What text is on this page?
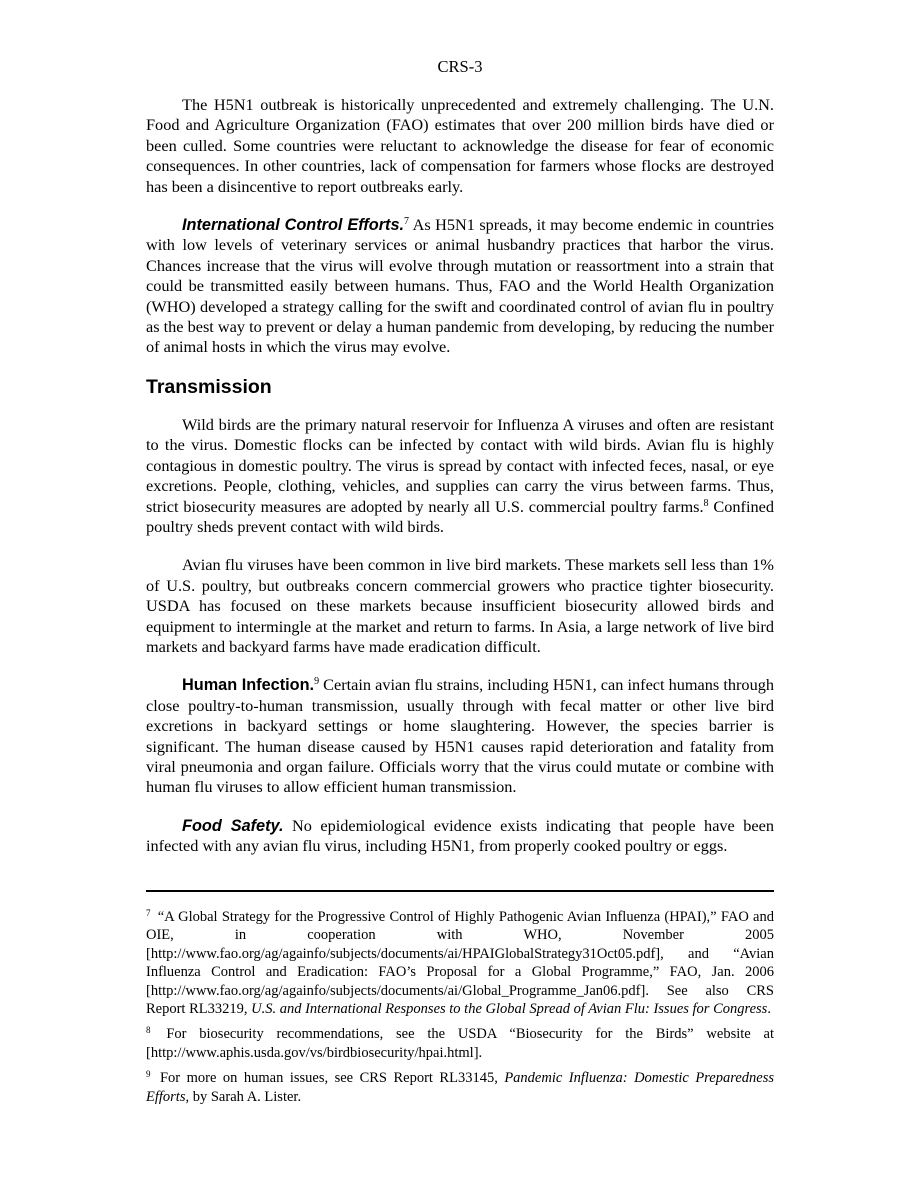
CRS-3

The H5N1 outbreak is historically unprecedented and extremely challenging. The U.N. Food and Agriculture Organization (FAO) estimates that over 200 million birds have died or been culled. Some countries were reluctant to acknowledge the disease for fear of economic consequences. In other countries, lack of compensation for farmers whose flocks are destroyed has been a disincentive to report outbreaks early.

International Control Efforts.$^7$ As H5N1 spreads, it may become endemic in countries with low levels of veterinary services or animal husbandry practices that harbor the virus. Chances increase that the virus will evolve through mutation or reassortment into a strain that could be transmitted easily between humans. Thus, FAO and the World Health Organization (WHO) developed a strategy calling for the swift and coordinated control of avian flu in poultry as the best way to prevent or delay a human pandemic from developing, by reducing the number of animal hosts in which the virus may evolve.

Transmission

Wild birds are the primary natural reservoir for Influenza A viruses and often are resistant to the virus. Domestic flocks can be infected by contact with wild birds. Avian flu is highly contagious in domestic poultry. The virus is spread by contact with infected feces, nasal, or eye excretions. People, clothing, vehicles, and supplies can carry the virus between farms. Thus, strict biosecurity measures are adopted by nearly all U.S. commercial poultry farms.$^8$ Confined poultry sheds prevent contact with wild birds.

Avian flu viruses have been common in live bird markets. These markets sell less than 1% of U.S. poultry, but outbreaks concern commercial growers who practice tighter biosecurity. USDA has focused on these markets because insufficient biosecurity allowed birds and equipment to intermingle at the market and return to farms. In Asia, a large network of live bird markets and backyard farms have made eradication difficult.

Human Infection.$^9$ Certain avian flu strains, including H5N1, can infect humans through close poultry-to-human transmission, usually through with fecal matter or other live bird excretions in backyard settings or home slaughtering. However, the species barrier is significant. The human disease caused by H5N1 causes rapid deterioration and fatality from viral pneumonia and organ failure. Officials worry that the virus could mutate or combine with human flu viruses to allow efficient human transmission.

Food Safety. No epidemiological evidence exists indicating that people have been infected with any avian flu virus, including H5N1, from properly cooked poultry or eggs.

$^7$ “A Global Strategy for the Progressive Control of Highly Pathogenic Avian Influenza (HPAI),” FAO and OIE, in cooperation with WHO, November 2005 [http://www.fao.org/ag/againfo/subjects/documents/ai/HPAIGlobalStrategy31Oct05.pdf], and “Avian Influenza Control and Eradication: FAO’s Proposal for a Global Programme,” FAO, Jan. 2006 [http://www.fao.org/ag/againfo/subjects/documents/ai/Global_Programme_Jan06.pdf]. See also CRS Report RL33219, U.S. and International Responses to the Global Spread of Avian Flu: Issues for Congress.

$^8$ For biosecurity recommendations, see the USDA “Biosecurity for the Birds” website at [http://www.aphis.usda.gov/vs/birdbiosecurity/hpai.html].

$^9$ For more on human issues, see CRS Report RL33145, Pandemic Influenza: Domestic Preparedness Efforts, by Sarah A. Lister.
